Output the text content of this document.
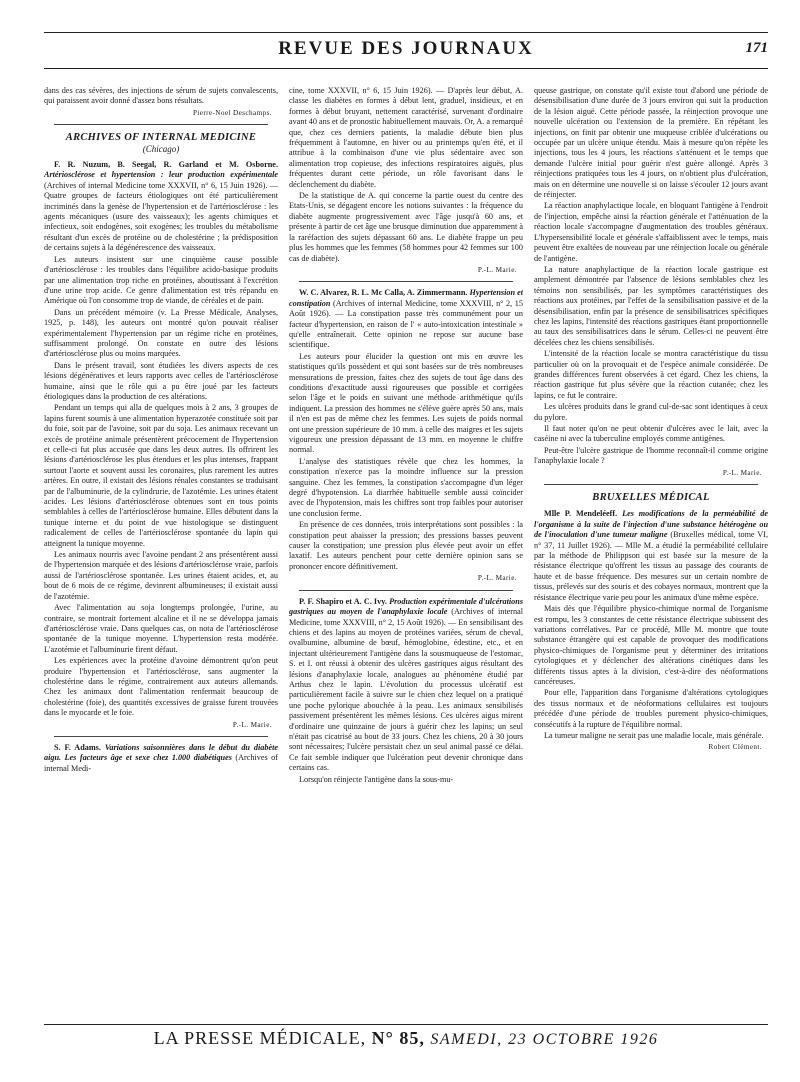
REVUE DES JOURNAUX	171

dans des cas sévères, des injections de sérum de sujets convalescents, qui paraissent avoir donné d'assez bons résultats.

Pierre-Noel Deschamps.
ARCHIVES OF INTERNAL MEDICINE
(Chicago)

F. R. Nuzum, B. Seegal, R. Garland et M. Osborne. Artériosclérose et hypertension : leur production expérimentale (Archives of internal Medicine tome XXXVII, n° 6, 15 Juin 1926). — Quatre groupes de facteurs étiologiques ont été particulièrement incriminés dans la genèse de l'hypertension et de l'artériosclérose : les agents mécaniques (usure des vaisseaux); les agents chimiques et infectieux, soit endogènes, soit exogènes; les troubles du métabolisme résultant d'un excès de protéine ou de cholestérine ; la prédisposition de certains sujets à la dégénérescence des vaisseaux.

Les auteurs insistent sur une cinquième cause possible d'artériosclérose : les troubles dans l'équilibre acido-basique produits par une alimentation trop riche en protéines, aboutissant à l'excrétion d'une urine trop acide. Ce genre d'alimentation est très répandu en Amérique où l'on consomme trop de viande, de céréales et de pain.

Dans un précédent mémoire (v. La Presse Médicale, Analyses, 1925, p. 148), les auteurs ont montré qu'on pouvait réaliser expérimentalement l'hypertension par un régime riche en protéines, suffisamment prolongé. On constate en outre des lésions d'artériosclérose plus ou moins marquées.

Dans le présent travail, sont étudiées les divers aspects de ces lésions dégénératives et leurs rapports avec celles de l'artériosclérose humaine, ainsi que le rôle qui a pu être joué par les facteurs étiologiques dans la production de ces altérations.

Pendant un temps qui alla de quelques mois à 2 ans, 3 groupes de lapins furent soumis à une alimentation hyperazotée constituée soit par du foie, soit par de l'avoine, soit par du soja. Les animaux recevant un excès de protéine animale présentèrent précocement de l'hypertension et celle-ci fut plus accusée que dans les deux autres. Ils offrirent les lésions d'artériosclérose les plus étendues et les plus intenses, frappant surtout l'aorte et souvent aussi les coronaires, plus rarement les autres artères. En outre, il existait des lésions rénales constantes se traduisant par de l'albuminurie, de la cylindrurie, de l'azotémie. Les urines étaient acides. Les lésions d'artériosclérose obtenues sont en tous points semblables à celles de l'artériosclérose humaine. Elles débutent dans la tunique interne et du point de vue histologique se distinguent radicalement de celles de l'artériosclérose spontanée du lapin qui atteignent la tunique moyenne.

Les animaux nourris avec l'avoine pendant 2 ans présentèrent aussi de l'hypertension marquée et des lésions d'artériosclérose vraie, parfois aussi de l'artériosclérose spontanée. Les urines étaient acides, et, au bout de 6 mois de ce régime, devinrent albumineuses; il existait aussi de l'azotémie.

Avec l'alimentation au soja longtemps prolongée, l'urine, au contraire, se montrait fortement alcaline et il ne se développa jamais d'artériosclérose vraie. Dans quelques cas, on nota de l'artériosclérose spontanée de la tunique moyenne. L'hypertension resta modérée. L'azotémie et l'albuminurie firent défaut.

Les expériences avec la protéine d'avoine démontrent qu'on peut produire l'hypertension et l'artériosclérose, sans augmenter la cholestérine dans le régime, contrairement aux auteurs allemands. Chez les animaux dont l'alimentation renfermait beaucoup de cholestérine (foie), des quantités excessives de graisse furent trouvées dans le myocarde et le foie.

P.-L. Marie.

S. F. Adams. Variations saisonnières dans le début du diabète aigu. Les facteurs âge et sexe chez 1.000 diabétiques (Archives of internal Medi-

cine, tome XXXVII, n° 6, 15 Juin 1926). — D'après leur début, A. classe les diabètes en formes à début lent, graduel, insidieux, et en formes à début bruyant, nettement caractérisé, survenant d'ordinaire avant 40 ans et de pronostic habituellement mauvais. Or, A. a remarqué que, chez ces derniers patients, la maladie débute bien plus fréquemment à l'automne, en hiver ou au printemps qu'en été, et il attribue à la combinaison d'une vie plus sédentaire avec son alimentation trop copieuse, des infections respiratoires aiguës, plus fréquentes durant cette période, un rôle favorisant dans le déclenchement du diabète.

De la statistique de A. qui concerne la partie ouest du centre des Etats-Unis, se dégagent encore les notions suivantes : la fréquence du diabète augmente progressivement avec l'âge jusqu'à 60 ans, et présente à partir de cet âge une brusque diminution due apparemment à la raréfaction des sujets dépassant 60 ans. Le diabète frappe un peu plus les hommes que les femmes (58 hommes pour 42 femmes sur 100 cas de diabète).

P.-L. Marie.

W. C. Alvarez, R. L. Mc Calla, A. Zimmermann. Hypertension et constipation (Archives of internal Medicine, tome XXXVIII, n° 2, 15 Août 1926). — La constipation passe très communément pour un facteur d'hypertension, en raison de l' « auto-intoxication intestinale » qu'elle entraînerait. Cette opinion ne repose sur aucune base scientifique.

Les auteurs pour élucider la question ont mis en œuvre les statistiques qu'ils possèdent et qui sont basées sur de très nombreuses mensurations de pression, faites chez des sujets de tout âge dans des conditions d'exactitude aussi rigoureuses que possible et corrigées selon l'âge et le poids en suivant une méthode arithmétique qu'ils indiquent. La pression des hommes ne s'élève guère après 50 ans, mais il n'en est pas de même chez les femmes. Les sujets de poids normal ont une pression supérieure de 10 mm. à celle des maigres et les sujets vigoureux une pression dépassant de 13 mm. en moyenne le chiffre normal.

L'analyse des statistiques révèle que chez les hommes, la constipation n'exerce pas la moindre influence sur la pression sanguine. Chez les femmes, la constipation s'accompagne d'un léger degré d'hypotension. La diarrhée habituelle semble aussi coïncider avec de l'hypotension, mais les chiffres sont trop faibles pour autoriser une conclusion ferme.

En présence de ces données, trois interprétations sont possibles : la constipation peut abaisser la pression; des pressions basses peuvent causer la constipation; une pression plus élevée peut avoir un effet laxatif. Les auteurs penchent pour cette dernière opinion sans se prononcer encore définitivement.

P.-L. Marie.

P. F. Shapiro et A. C. Ivy. Production expérimentale d'ulcérations gastriques au moyen de l'anaphylaxie locale (Archives of internal Medicine, tome XXXVIII, n° 2, 15 Août 1926). — En sensibilisant des chiens et des lapins au moyen de protéines variées, sérum de cheval, ovalbumine, albumine de bœuf, hémoglobine, édestine, etc., et en injectant ultérieurement l'antigène dans la sousmuqueuse de l'estomac, S. et I. ont réussi à obtenir des ulcères gastriques aigus résultant des lésions d'anaphylaxie locale, analogues au phénomène étudié par Arthus chez le lapin. L'évolution du processus ulcératif est particulièrement facile à suivre sur le chien chez lequel on a pratiqué une poche pylorique abouchée à la peau. Les animaux sensibilisés passivement présentèrent les mêmes lésions. Ces ulcères aigus mirent d'ordinaire une quinzaine de jours à guérir chez les lapins; un seul n'était pas cicatrisé au bout de 33 jours. Chez les chiens, 20 à 30 jours sont nécessaires; l'ulcère persistait chez un seul animal passé ce délai. Ce fait semble indiquer que l'ulcération peut devenir chronique dans certains cas.

Lorsqu'on réinjecte l'antigène dans la sous-mu-

queuse gastrique, on constate qu'il existe tout d'abord une période de désensibilisation d'une durée de 3 jours environ qui suit la production de la lésion aiguë. Cette période passée, la réinjection provoque une nouvelle ulcération ou l'extension de la première. En répétant les injections, on finit par obtenir une muqueuse criblée d'ulcérations ou occupée par un ulcère unique étendu. Mais à mesure qu'on répète les injections, tous les 4 jours, les réactions s'atténuent et le temps que demande l'ulcère initial pour guérir n'est guère allongé. Après 3 réinjections pratiquées tous les 4 jours, on n'obtient plus d'ulcération, mais on en détermine une nouvelle si on laisse s'écouler 12 jours avant de réinjecter.

La réaction anaphylactique locale, en bloquant l'antigène à l'endroit de l'injection, empêche ainsi la réaction générale et l'atténuation de la réaction locale s'accompagne d'augmentation des troubles généraux. L'hypersensibilité locale et générale s'affaiblissent avec le temps, mais peuvent être exaltées de nouveau par une réinjection locale ou générale de l'antigène.

La nature anaphylactique de la réaction locale gastrique est amplement démontrée par l'absence de lésions semblables chez les témoins non sensibilisés, par les symptômes caractéristiques des réactions aux protéines, par l'effet de la sensibilisation passive et de la désensibilisation, enfin par la présence de sensibilisatrices spécifiques chez les lapins, l'intensité des réactions gastriques étant proportionnelle au taux des sensibilisatrices dans le sérum. Celles-ci ne peuvent être décelées chez les chiens sensibilisés.

L'intensité de la réaction locale se montra caractéristique du tissu particulier où on la provoquait et de l'espèce animale considérée. De grandes différences furent observées à cet égard. Chez les chiens, la réaction gastrique fut plus sévère que la réaction cutanée; chez les lapins, ce fut le contraire.

Les ulcères produits dans le grand cul-de-sac sont identiques à ceux du pylore.

Il faut noter qu'on ne peut obtenir d'ulcères avec le lait, avec la caséine ni avec la tuberculine employés comme antigènes.

Peut-être l'ulcère gastrique de l'homme reconnaît-il comme origine l'anaphylaxie locale ?

P.-L. Marie.
BRUXELLES MÉDICAL

Mlle P. Mendeléeff. Les modifications de la perméabilité de l'organisme à la suite de l'injection d'une substance hétérogène ou de l'inoculation d'une tumeur maligne (Bruxelles médical, tome VI, n° 37, 11 Juillet 1926). — Mlle M. a étudié la perméabilité cellulaire par la méthode de Philippson qui est basée sur la mesure de la résistance électrique qu'offrent les tissus au passage des courants de haute et de basse fréquence. Des mesures sur un certain nombre de tissus, prélevés sur des souris et des cobayes normaux, montrent que la résistance électrique varie peu pour les animaux d'une même espèce.

Mais dès que l'équilibre physico-chimique normal de l'organisme est rompu, les 3 constantes de cette résistance électrique subissent des variations corrélatives. Par ce procédé, Mlle M. montre que toute substance étrangère qui est capable de provoquer des modifications physico-chimiques de l'organisme peut y déterminer des irritations cytologiques et y déclencher des altérations cinétiques dans les différents tissus aptes à la division, c'est-à-dire des néoformations cancéreuses.

Pour elle, l'apparition dans l'organisme d'altérations cytologiques des tissus normaux et de néoformations cellulaires est toujours précédée d'une période de troubles purement physico-chimiques, consécutifs à la rupture de l'équilibre normal.

La tumeur maligne ne serait pas une maladie locale, mais générale.

Robert Clément.
LA PRESSE MÉDICALE, N° 85, SAMEDI, 23 OCTOBRE 1926
